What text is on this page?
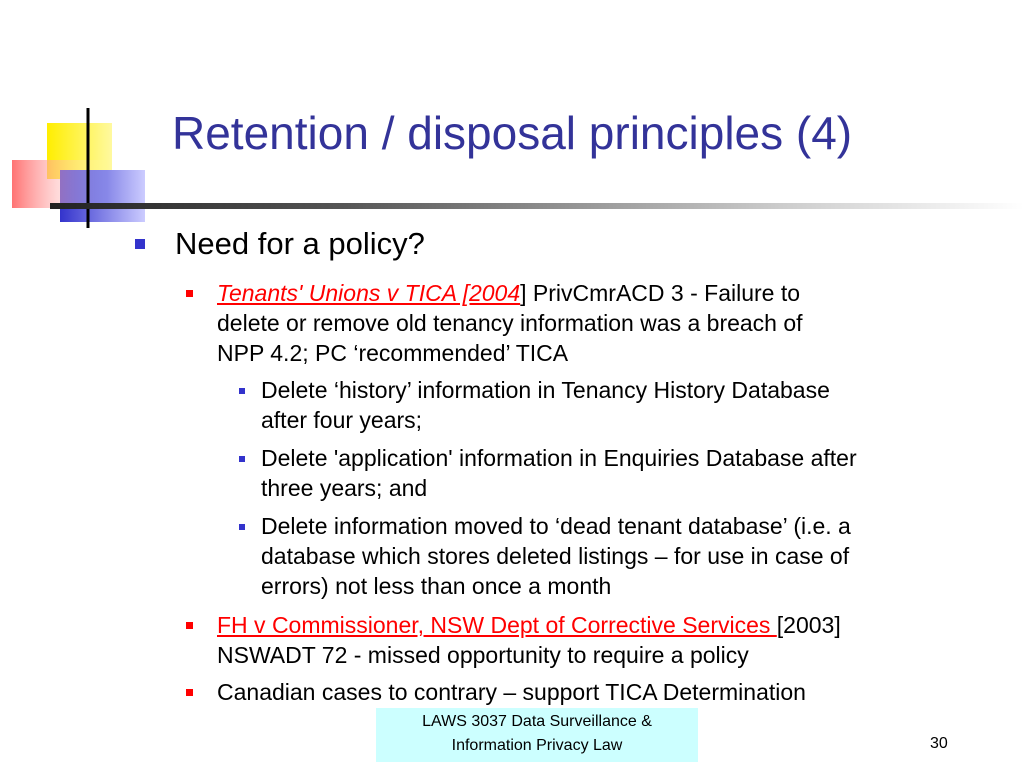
Retention / disposal principles (4)
Need for a policy?
Tenants' Unions v TICA [2004] PrivCmrACD 3 - Failure to
delete or remove old tenancy information was a breach of
NPP 4.2; PC ‘recommended’ TICA
Delete ‘history’ information in Tenancy History Database
after four years;
Delete 'application' information in Enquiries Database after
three years; and
Delete information moved to ‘dead tenant database’ (i.e. a
database which stores deleted listings – for use in case of
errors) not less than once a month
FH v Commissioner, NSW Dept of Corrective Services [2003]
NSWADT 72 - missed opportunity to require a policy
Canadian cases to contrary – support TICA Determination
LAWS 3037 Data Surveillance &
Information Privacy Law	30
